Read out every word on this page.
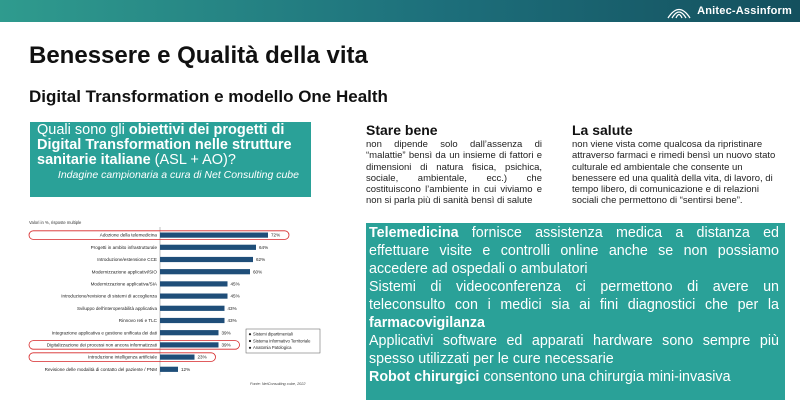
Anitec-Assinform
Benessere e Qualità della vita
Digital Transformation e modello One Health
Quali sono gli obiettivi dei progetti di Digital Transformation nelle strutture sanitarie italiane (ASL + AO)?
Indagine campionaria a cura di Net Consulting cube
Valori in %, risposte multiple
Adozione della telemedicina	72%
Progetti in ambito infrastrutturale	64%
Introduzione/estensione CCE	62%
Modernizzazione applicativi/SIO	60%
Modernizzazione applicativa/SIA	45%
Introduzione/revisione di sistemi di accoglienza	45%
Sviluppo dell'interoperabilità applicativa	43%
Rinnovo reti e TLC	43%
Integrazione applicativa e gestione unificata dei dati	39%
Digitalizzazione dei processi non ancora informatizzati	39%
Introduzione intelligenza artificiale	23%
Revisione delle modalità di contatto del paziente / PNM	12%
Sistemi dipartimentali
Sistema informativo Territoriale
Anatomia Patologica
Fonte: NetConsulting cube, 2022
Stare bene

non dipende solo dall’assenza di “malattie” bensì da un insieme di fattori e dimensioni di natura fisica, psichica, sociale, ambientale, ecc.) che costituiscono l’ambiente in cui viviamo e non si parla più di sanità bensì di salute

La salute

non viene vista come qualcosa da ripristinare attraverso farmaci e rimedi bensì un nuovo stato culturale ed ambientale che consente un benessere ed una qualità della vita, di lavoro, di tempo libero, di comunicazione e di relazioni sociali che permettono di “sentirsi bene”.

Telemedicina fornisce assistenza medica a distanza ed effettuare visite e controlli online anche se non possiamo accedere ad ospedali o ambulatori

Sistemi di videoconferenza ci permettono di avere un teleconsulto con i medici sia ai fini diagnostici che per la farmacovigilanza

Applicativi software ed apparati hardware sono sempre più spesso utilizzati per le cure necessarie

Robot chirurgici consentono una chirurgia mini-invasiva
